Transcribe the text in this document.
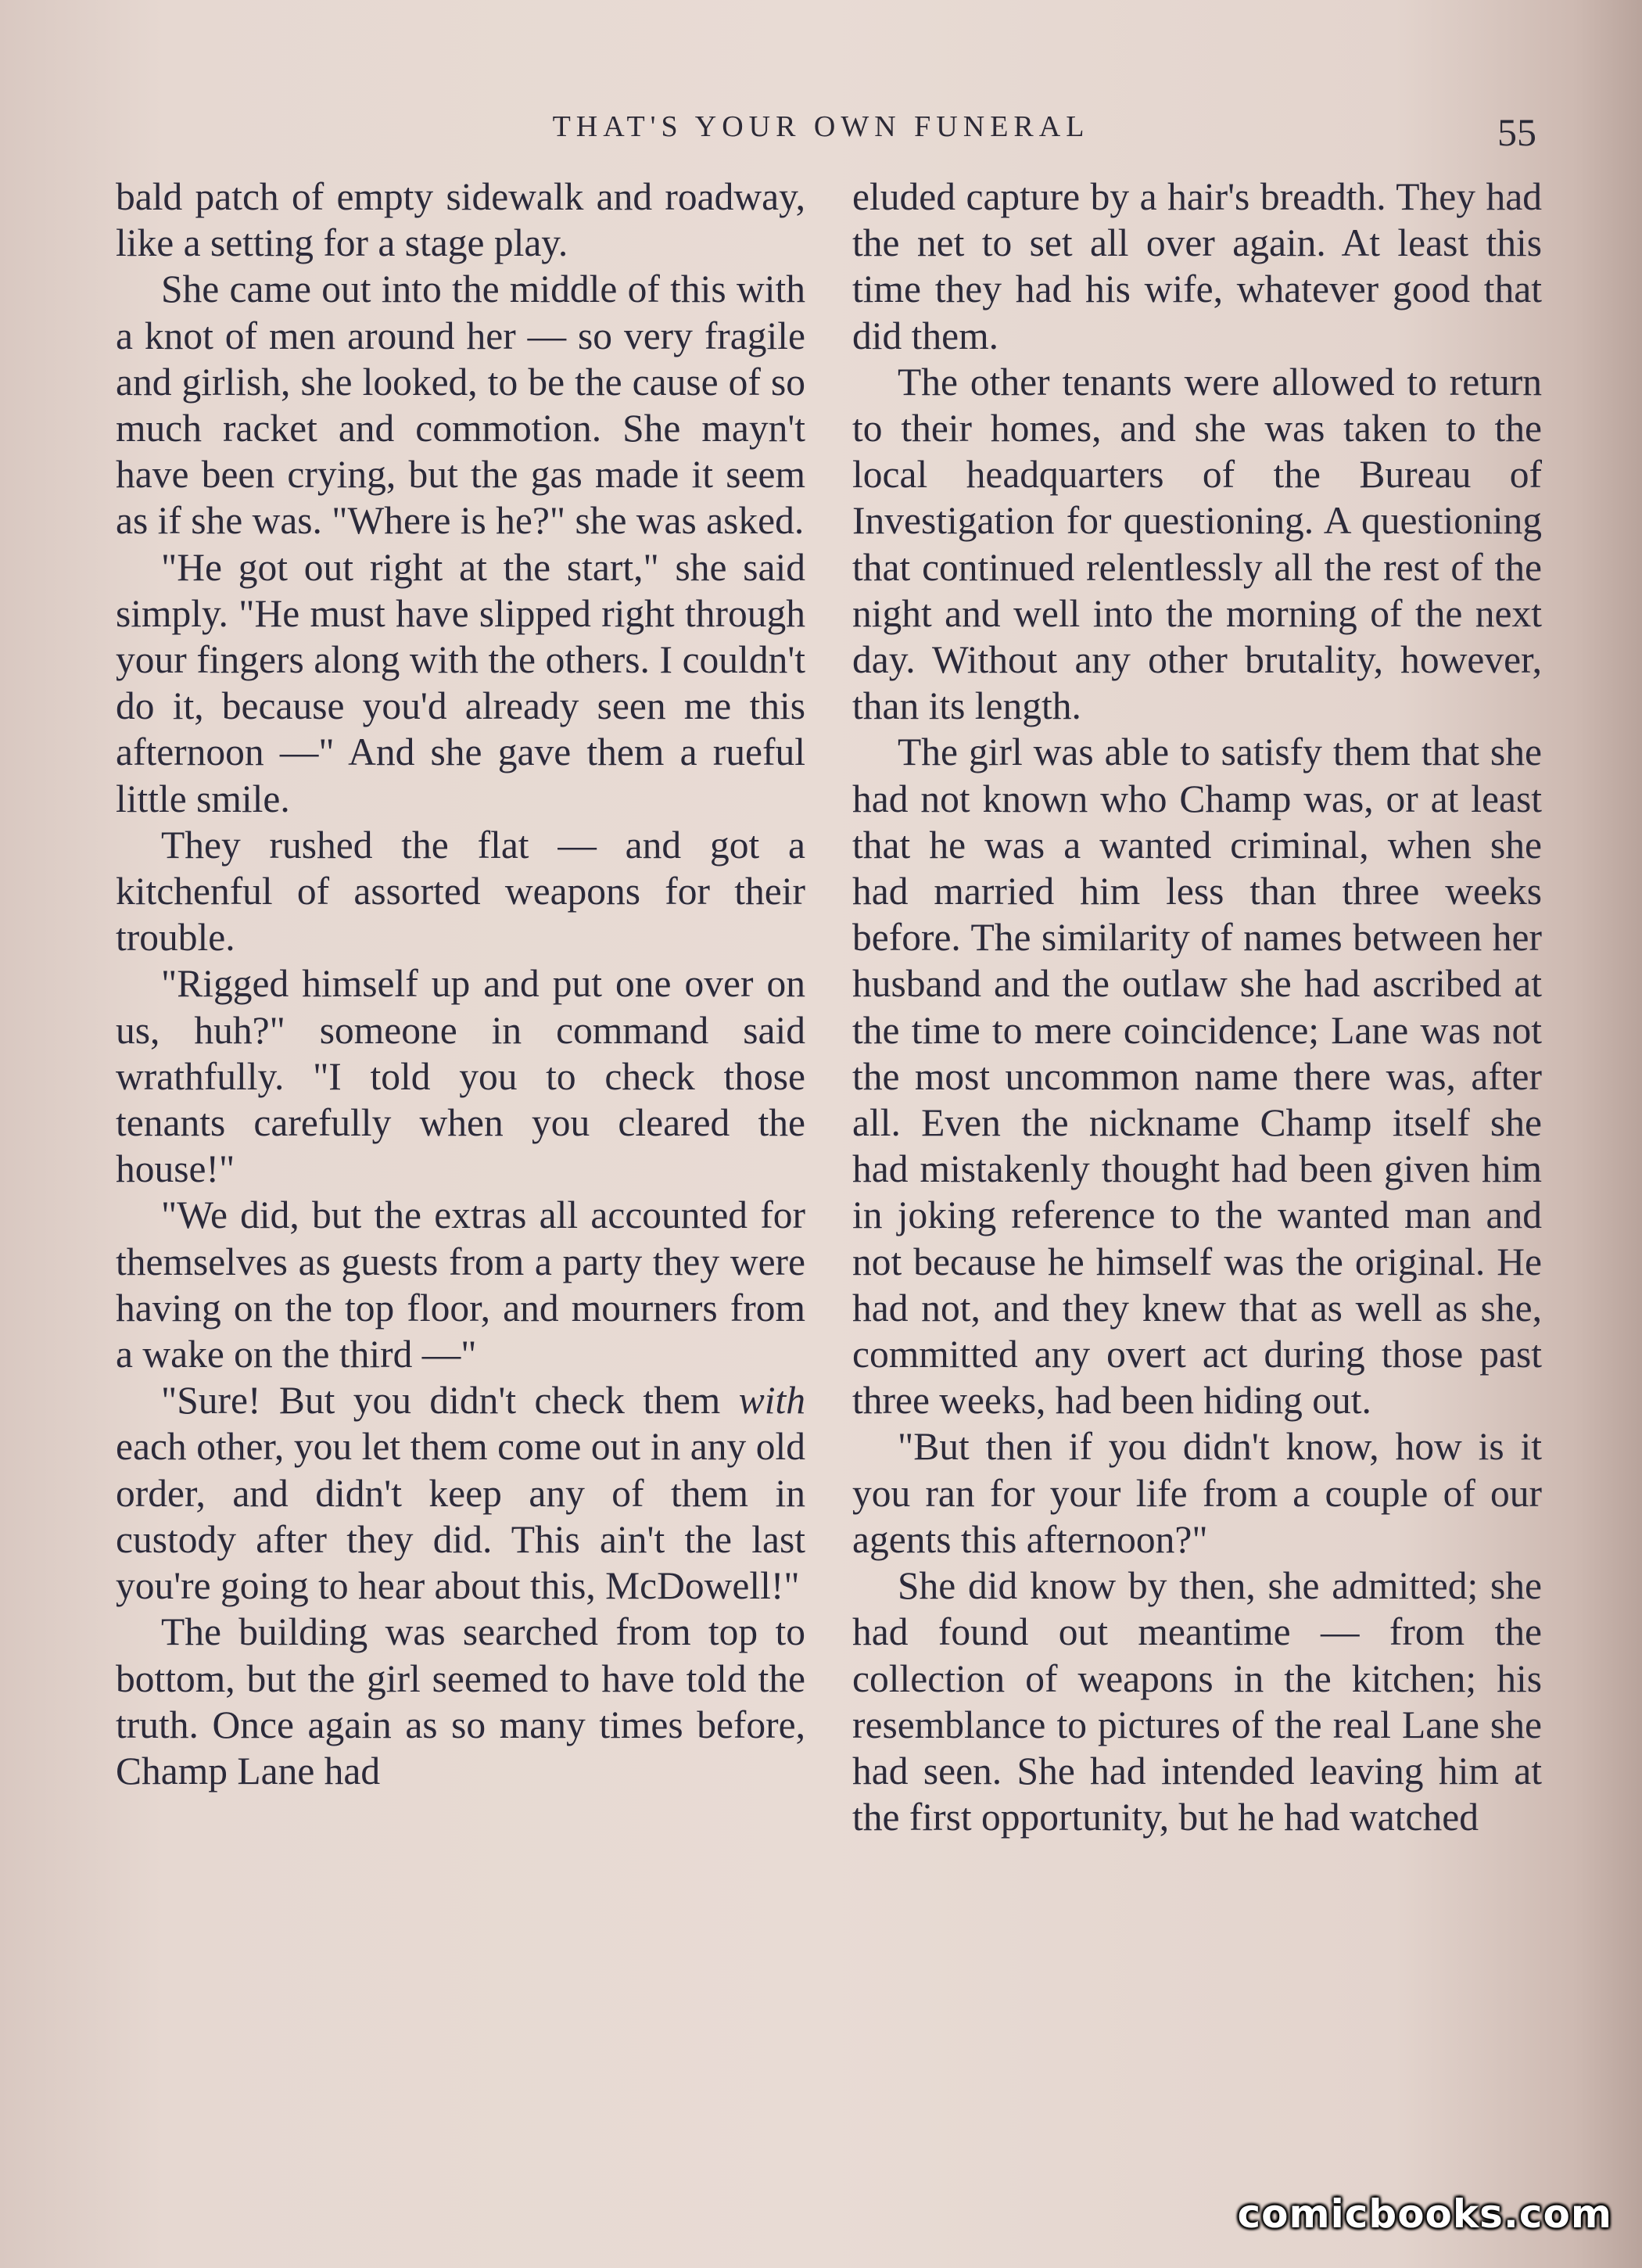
THAT'S YOUR OWN FUNERAL	55

bald patch of empty sidewalk and roadway, like a setting for a stage play.

She came out into the middle of this with a knot of men around her — so very fragile and girlish, she looked, to be the cause of so much racket and commotion. She mayn't have been crying, but the gas made it seem as if she was. "Where is he?" she was asked.

"He got out right at the start," she said simply. "He must have slipped right through your fingers along with the others. I couldn't do it, because you'd already seen me this afternoon —" And she gave them a rueful little smile.

They rushed the flat — and got a kitchenful of assorted weapons for their trouble.

"Rigged himself up and put one over on us, huh?" someone in command said wrathfully. "I told you to check those tenants carefully when you cleared the house!"

"We did, but the extras all accounted for themselves as guests from a party they were having on the top floor, and mourners from a wake on the third —"

"Sure! But you didn't check them with each other, you let them come out in any old order, and didn't keep any of them in custody after they did. This ain't the last you're going to hear about this, McDowell!"

The building was searched from top to bottom, but the girl seemed to have told the truth. Once again as so many times before, Champ Lane had

eluded capture by a hair's breadth. They had the net to set all over again. At least this time they had his wife, whatever good that did them.

The other tenants were allowed to return to their homes, and she was taken to the local headquarters of the Bureau of Investigation for questioning. A questioning that continued relentlessly all the rest of the night and well into the morning of the next day. Without any other brutality, however, than its length.

The girl was able to satisfy them that she had not known who Champ was, or at least that he was a wanted criminal, when she had married him less than three weeks before. The similarity of names between her husband and the outlaw she had ascribed at the time to mere coincidence; Lane was not the most uncommon name there was, after all. Even the nickname Champ itself she had mistakenly thought had been given him in joking reference to the wanted man and not because he himself was the original. He had not, and they knew that as well as she, committed any overt act during those past three weeks, had been hiding out.

"But then if you didn't know, how is it you ran for your life from a couple of our agents this afternoon?"

She did know by then, she admitted; she had found out meantime — from the collection of weapons in the kitchen; his resemblance to pictures of the real Lane she had seen. She had intended leaving him at the first opportunity, but he had watched

comicbooks.com
